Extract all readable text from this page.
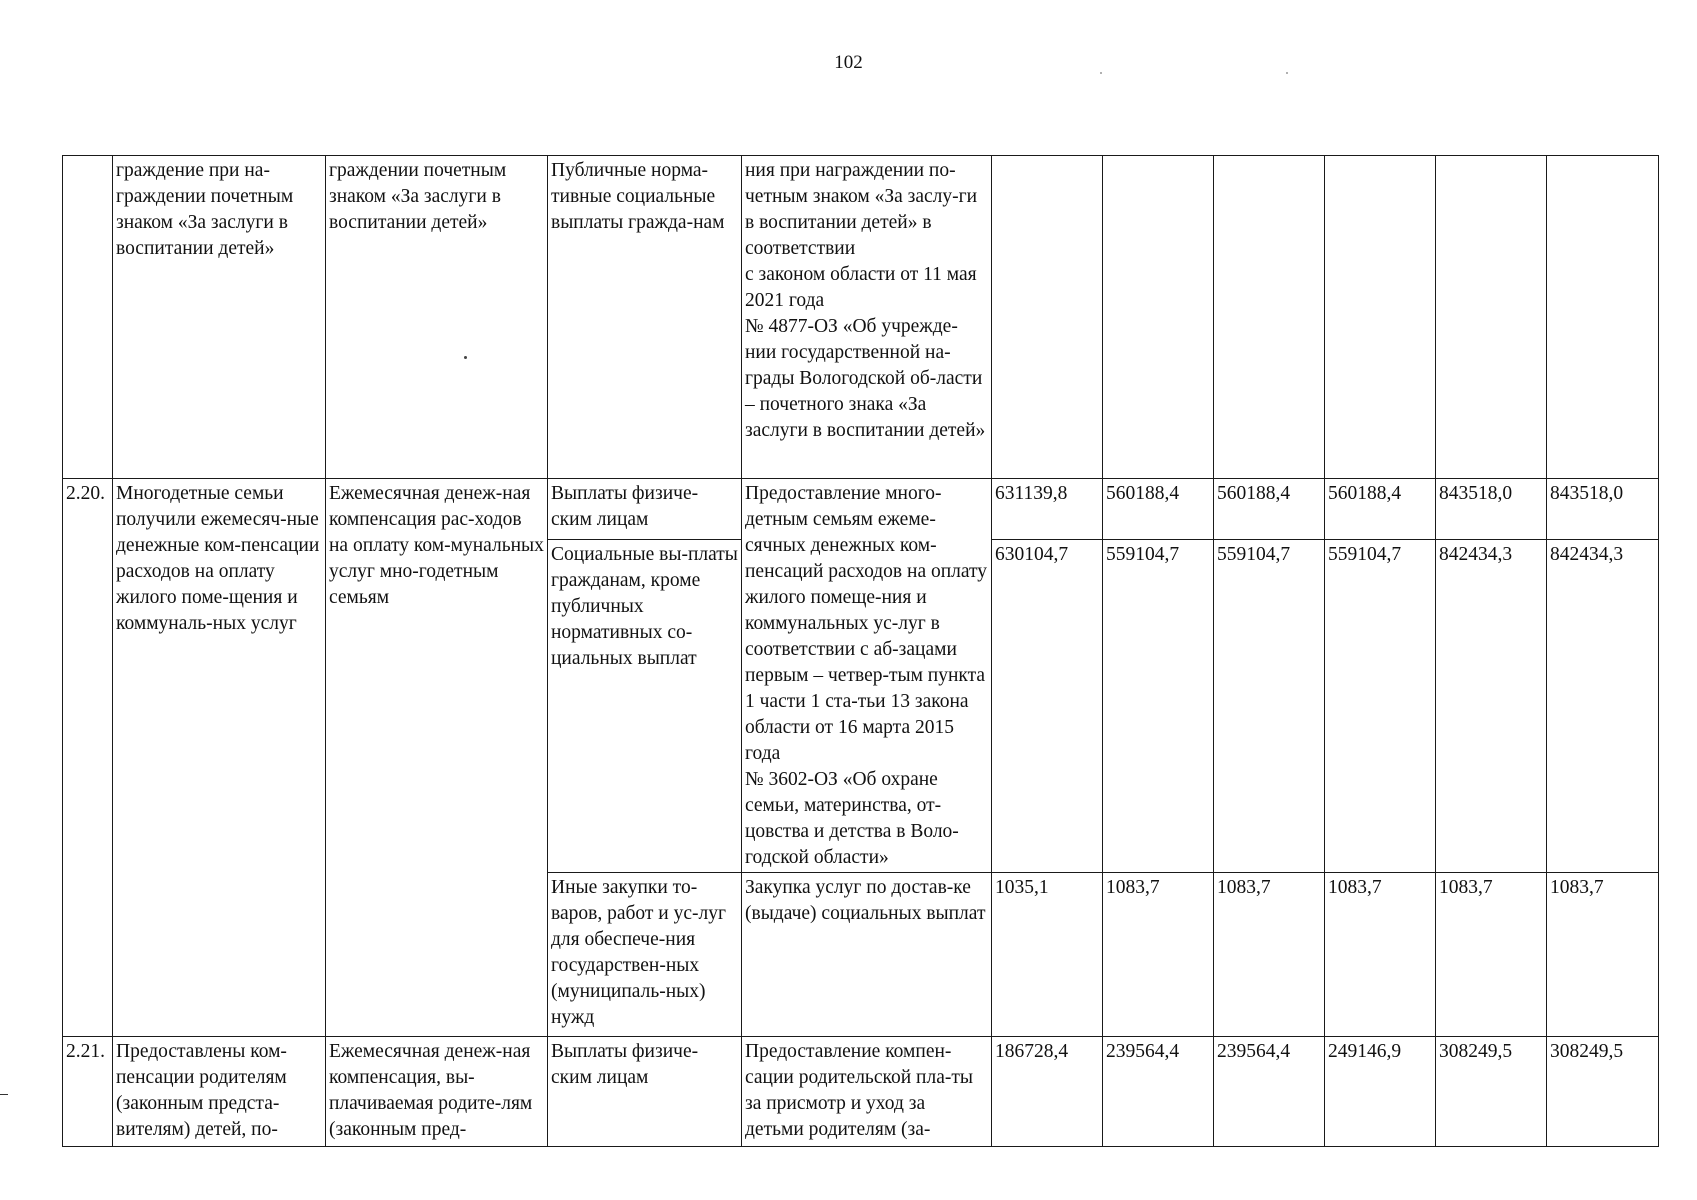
102
	граждение при на-граждении почетным знаком «За заслуги в воспитании детей»	граждении почетным знаком «За заслуги в воспитании детей»	Публичные норма-тивные социальные выплаты гражда-нам	ния при награждении по-четным знаком «За заслу-ги в воспитании детей» в соответствии
с законом области от 11 мая 2021 года
№ 4877-ОЗ «Об учрежде-нии государственной на-грады Вологодской об-ласти – почетного знака «За заслуги в воспитании детей»						
2.20.	Многодетные семьи получили ежемесяч-ные денежные ком-пенсации расходов на оплату жилого поме-щения и коммуналь-ных услуг	Ежемесячная денеж-ная компенсация рас-ходов на оплату ком-мунальных услуг мно-годетным семьям	Выплаты физиче-ским лицам	Предоставление много-детным семьям ежеме-сячных денежных ком-пенсаций расходов на оплату жилого помеще-ния и коммунальных ус-луг в соответствии с аб-зацами первым – четвер-тым пункта 1 части 1 ста-тьи 13 закона области от 16 марта 2015 года
№ 3602-ОЗ «Об охране семьи, материнства, от-цовства и детства в Воло-годской области»	631139,8	560188,4	560188,4	560188,4	843518,0	843518,0
			Социальные вы-платы гражданам, кроме публичных нормативных со-циальных выплат		630104,7	559104,7	559104,7	559104,7	842434,3	842434,3
			Иные закупки то-варов, работ и ус-луг для обеспече-ния государствен-ных (муниципаль-ных) нужд	Закупка услуг по достав-ке (выдаче) социальных выплат	1035,1	1083,7	1083,7	1083,7	1083,7	1083,7
2.21.	Предоставлены ком-пенсации родителям (законным предста-вителям) детей, по-	Ежемесячная денеж-ная компенсация, вы-плачиваемая родите-лям (законным пред-	Выплаты физиче-ским лицам	Предоставление компен-сации родительской пла-ты за присмотр и уход за детьми родителям (за-	186728,4	239564,4	239564,4	249146,9	308249,5	308249,5
